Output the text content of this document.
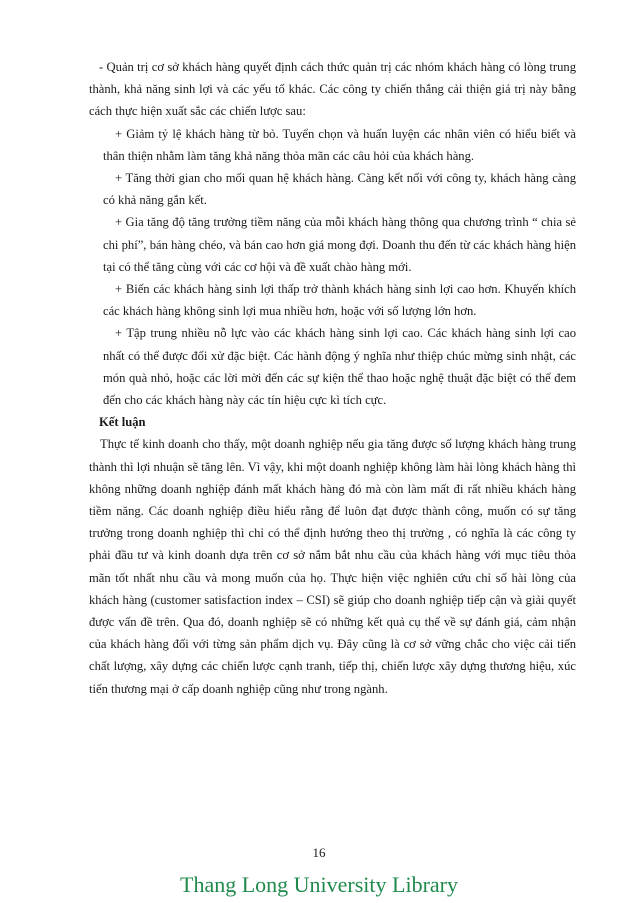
- Quản trị cơ sở khách hàng quyết định cách thức quản trị các nhóm khách hàng có lòng trung thành, khả năng sinh lợi và các yếu tố khác. Các công ty chiến thắng cải thiện giá trị này bằng cách thực hiện xuất sắc các chiến lược sau:

+ Giảm tỷ lệ khách hàng từ bỏ. Tuyển chọn và huấn luyện các nhân viên có hiểu biết và thân thiện nhằm làm tăng khả năng thỏa mãn các câu hỏi của khách hàng.

+ Tăng thời gian cho mối quan hệ khách hàng. Càng kết nối với công ty, khách hàng càng có khả năng gắn kết.

+ Gia tăng độ tăng trưởng tiềm năng của mỗi khách hàng thông qua chương trình “ chia sẻ chi phí”, bán hàng chéo, và bán cao hơn giá mong đợi. Doanh thu đến từ các khách hàng hiện tại có thể tăng cùng với các cơ hội và đề xuất chào hàng mới.

+ Biến các khách hàng sinh lợi thấp trở thành khách hàng sinh lợi cao hơn. Khuyến khích các khách hàng không sinh lợi mua nhiều hơn, hoặc với số lượng lớn hơn.

+ Tập trung nhiều nỗ lực vào các khách hàng sinh lợi cao. Các khách hàng sinh lợi cao nhất có thể được đối xử đặc biệt. Các hành động ý nghĩa như thiệp chúc mừng sinh nhật, các món quà nhỏ, hoặc các lời mời đến các sự kiện thể thao hoặc nghệ thuật đặc biệt có thể đem đến cho các khách hàng này các tín hiệu cực kì tích cực.

Kết luận

Thực tế kinh doanh cho thấy, một doanh nghiệp nếu gia tăng được số lượng khách hàng trung thành thì lợi nhuận sẽ tăng lên. Vì vậy, khi một doanh nghiệp không làm hài lòng khách hàng thì không những doanh nghiệp đánh mất khách hàng đó mà còn làm mất đi rất nhiều khách hàng tiềm năng. Các doanh nghiệp điều hiểu rằng để luôn đạt được thành công, muốn có sự tăng trưởng trong doanh nghiệp thì chỉ có thể định hướng theo thị trường , có nghĩa là các công ty phải đầu tư và kinh doanh dựa trên cơ sở nắm bắt nhu cầu của khách hàng với mục tiêu thỏa mãn tốt nhất nhu cầu và mong muốn của họ. Thực hiện việc nghiên cứu chỉ số hài lòng của khách hàng (customer satisfaction index – CSI) sẽ giúp cho doanh nghiệp tiếp cận và giải quyết được vấn đề trên. Qua đó, doanh nghiệp sẽ có những kết quả cụ thể về sự đánh giá, cảm nhận của khách hàng đối với từng sản phẩm dịch vụ. Đây cũng là cơ sở vững chắc cho việc cải tiến chất lượng, xây dựng các chiến lược cạnh tranh, tiếp thị, chiến lược xây dựng thương hiệu, xúc tiến thương mại ở cấp doanh nghiệp cũng như trong ngành.

16
Thang Long University Library
